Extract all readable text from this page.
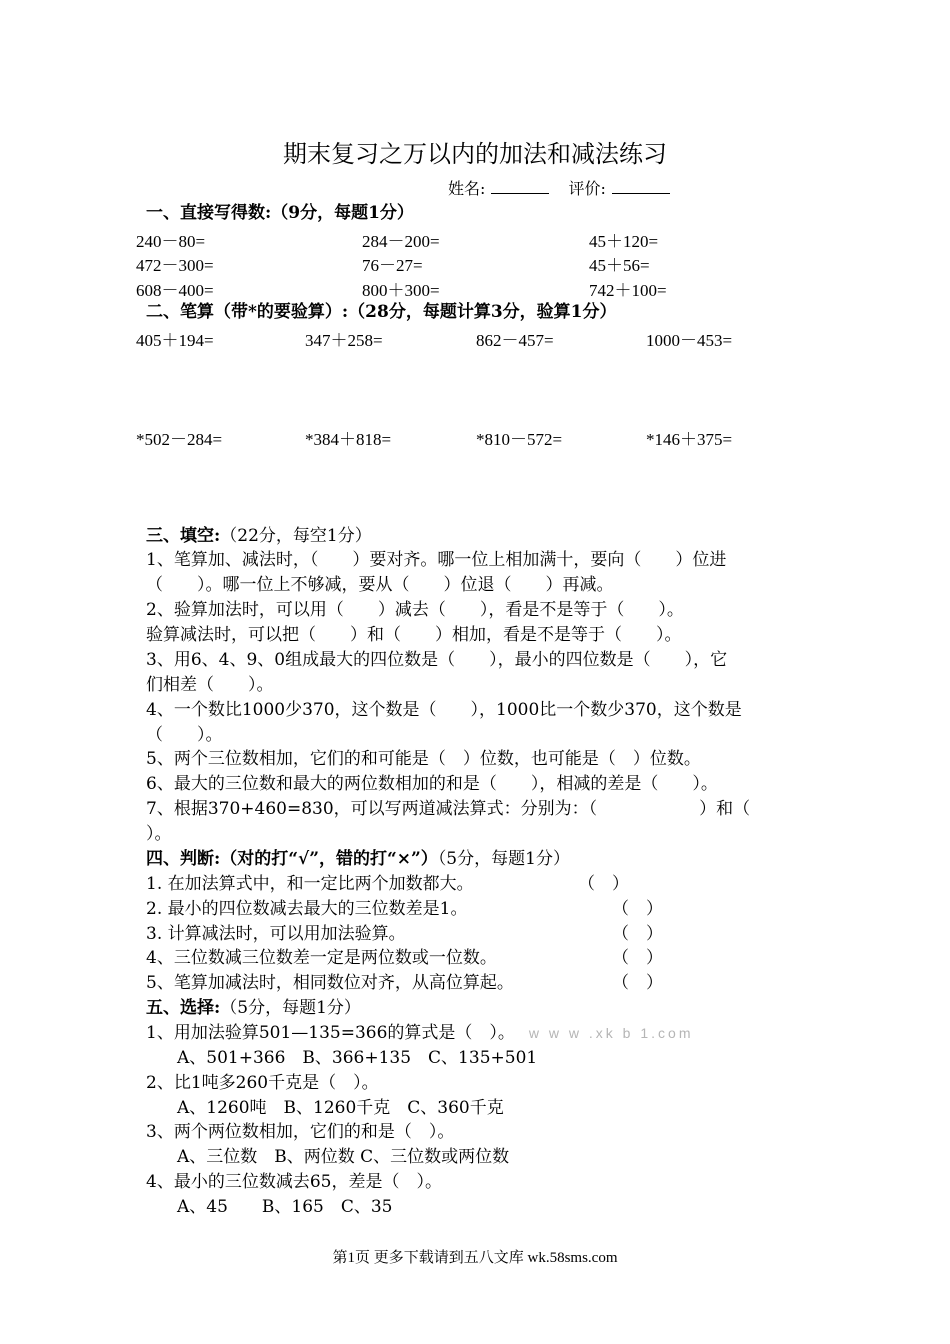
期末复习之万以内的加法和减法练习
姓名:	评价:
一、直接写得数:（9分，每题1分）
240－80=	284－200=	45＋120=
472－300=	76－27=	45＋56=
608－400=	800＋300=	742＋100=
二、笔算（带*的要验算）:（28分，每题计算3分，验算1分）
405＋194=	347＋258=	862－457=	1000－453=
*502－284=	*384＋818=	*810－572=	*146＋375=
三、填空:（22分，每空1分）
1、笔算加、减法时，（　　）要对齐。哪一位上相加满十，要向（　　）位进
（　　）。哪一位上不够减，要从（　　）位退（　　）再减。
2、验算加法时，可以用（　　）减去（　　），看是不是等于（　　）。
验算减法时，可以把（　　）和（　　）相加，看是不是等于（　　）。
3、用6、4、9、0组成最大的四位数是（　　），最小的四位数是（　　），它
们相差（　　）。
4、一个数比1000少370，这个数是（　　），1000比一个数少370，这个数是
（　　）。
5、两个三位数相加，它们的和可能是（　）位数，也可能是（　）位数。
6、最大的三位数和最大的两位数相加的和是（　　），相减的差是（　　）。
7、根据370+460=830，可以写两道减法算式：分别为：（　　　　　　）和（
）。
四、判断:（对的打“√”，错的打“×”）（5分，每题1分）
1. 在加法算式中，和一定比两个加数都大。	（　）
2. 最小的四位数减去最大的三位数差是1。	（　）
3. 计算减法时，可以用加法验算。	（　）
4、三位数减三位数差一定是两位数或一位数。	（　）
5、笔算加减法时，相同数位对齐，从高位算起。	（　）
五、选择:（5分，每题1分）
1、用加法验算501—135=366的算式是（　）。 w w w .xk b 1.com
A、501+366　B、366+135　C、135+501
2、比1吨多260千克是（　）。
A、1260吨　B、1260千克　C、360千克
3、两个两位数相加，它们的和是（　）。
A、三位数　B、两位数 C、三位数或两位数
4、最小的三位数减去65，差是（　）。
A、45　　B、165　C、35
第1页 更多下载请到五八文库 wk.58sms.com
